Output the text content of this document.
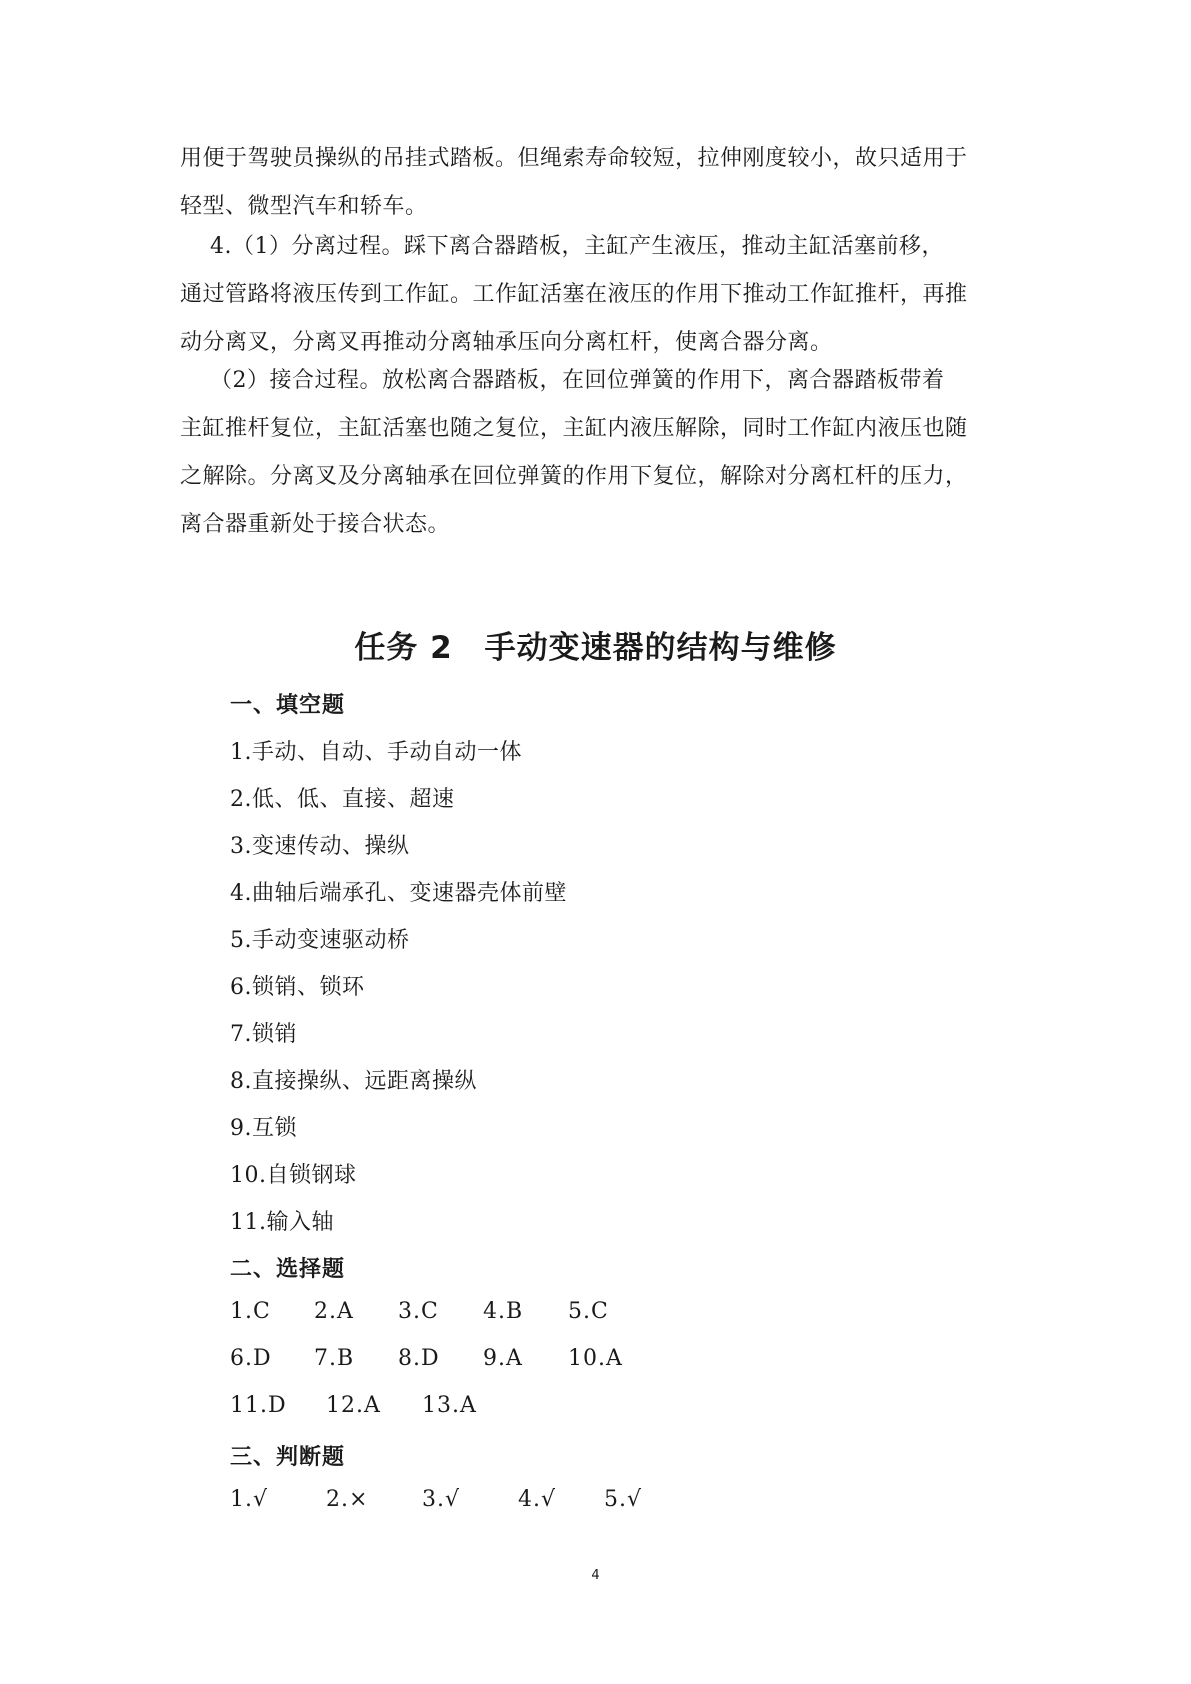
用便于驾驶员操纵的吊挂式踏板。但绳索寿命较短，拉伸刚度较小，故只适用于
轻型、微型汽车和轿车。
4.（1）分离过程。踩下离合器踏板，主缸产生液压，推动主缸活塞前移，
通过管路将液压传到工作缸。工作缸活塞在液压的作用下推动工作缸推杆，再推
动分离叉，分离叉再推动分离轴承压向分离杠杆，使离合器分离。
（2）接合过程。放松离合器踏板，在回位弹簧的作用下，离合器踏板带着
主缸推杆复位，主缸活塞也随之复位，主缸内液压解除，同时工作缸内液压也随
之解除。分离叉及分离轴承在回位弹簧的作用下复位，解除对分离杠杆的压力，
离合器重新处于接合状态。
任务 2　手动变速器的结构与维修
一、填空题
1.手动、自动、手动自动一体
2.低、低、直接、超速
3.变速传动、操纵
4.曲轴后端承孔、变速器壳体前壁
5.手动变速驱动桥
6.锁销、锁环
7.锁销
8.直接操纵、远距离操纵
9.互锁
10.自锁钢球
11.输入轴
二、选择题
1.C 2.A 3.C 4.B 5.C
6.D 7.B 8.D 9.A 10.A
11.D 12.A 13.A
三、判断题
1.√	2.× 3.√	4.√ 5.√
4
